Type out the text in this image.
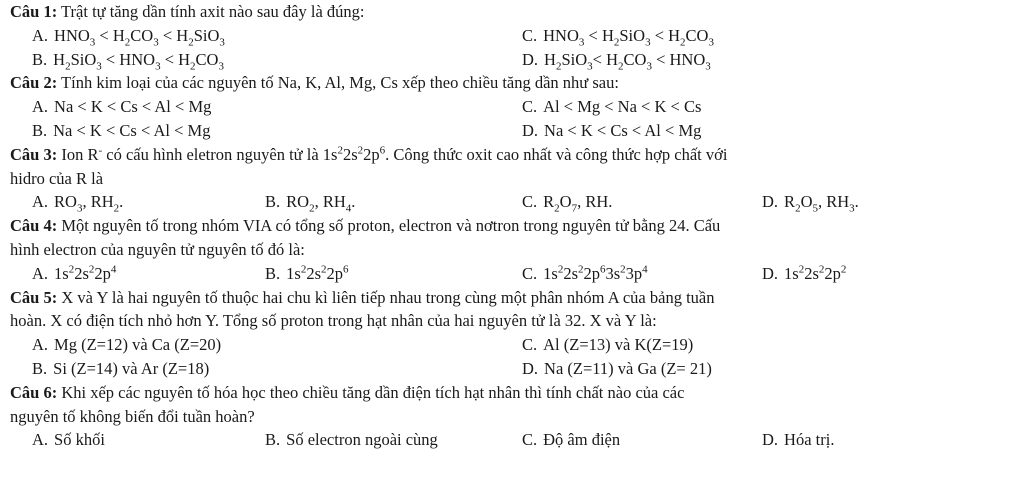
Câu 1: Trật tự tăng dần tính axit nào sau đây là đúng:
A. $HNO_3 < H_2CO_3 < H_2SiO_3$	C. $HNO_3 < H_2SiO_3 < H_2CO_3$
B. $H_2SiO_3 < HNO_3 < H_2CO_3$	D. $H_2SiO_3< H_2CO_3 < HNO_3$
Câu 2: Tính kim loại của các nguyên tố Na, K, Al, Mg, Cs xếp theo chiều tăng dần như sau:
A. Na < K < Cs < Al < Mg	C. Al < Mg < Na < K < Cs
B. Na < K < Cs < Al < Mg	D. Na < K < Cs < Al < Mg
Câu 3: Ion R- có cấu hình eletron nguyên tử là $1s^22s^22p^6$. Công thức oxit cao nhất và công thức hợp chất với
hidro của R là
A. $RO_3$, $RH_2$.	B. $RO_2$, $RH_4$.	C. $R_2O_7$, RH.	D. $R_2O_5$, $RH_3$.
Câu 4: Một nguyên tố trong nhóm VIA có tổng số proton, electron và nơtron trong nguyên tử bằng 24. Cấu
hình electron của nguyên tử nguyên tố đó là:
A. $1s^22s^22p^4$	B. $1s^22s^22p^6$	C. $1s^22s^22p^63s^23p^4$	D. $1s^22s^22p^2$
Câu 5: X và Y là hai nguyên tố thuộc hai chu kì liên tiếp nhau trong cùng một phân nhóm A của bảng tuần
hoàn. X có điện tích nhỏ hơn Y. Tổng số proton trong hạt nhân của hai nguyên tử là 32. X và Y là:
A. Mg (Z=12) và Ca (Z=20)	C. Al (Z=13) và K(Z=19)
B. Si (Z=14) và Ar (Z=18)	D. Na (Z=11) và Ga (Z= 21)
Câu 6: Khi xếp các nguyên tố hóa học theo chiều tăng dần điện tích hạt nhân thì tính chất nào của các
nguyên tố không biến đổi tuần hoàn?
A. Số khối	B. Số electron ngoài cùng	C. Độ âm điện	D. Hóa trị.
